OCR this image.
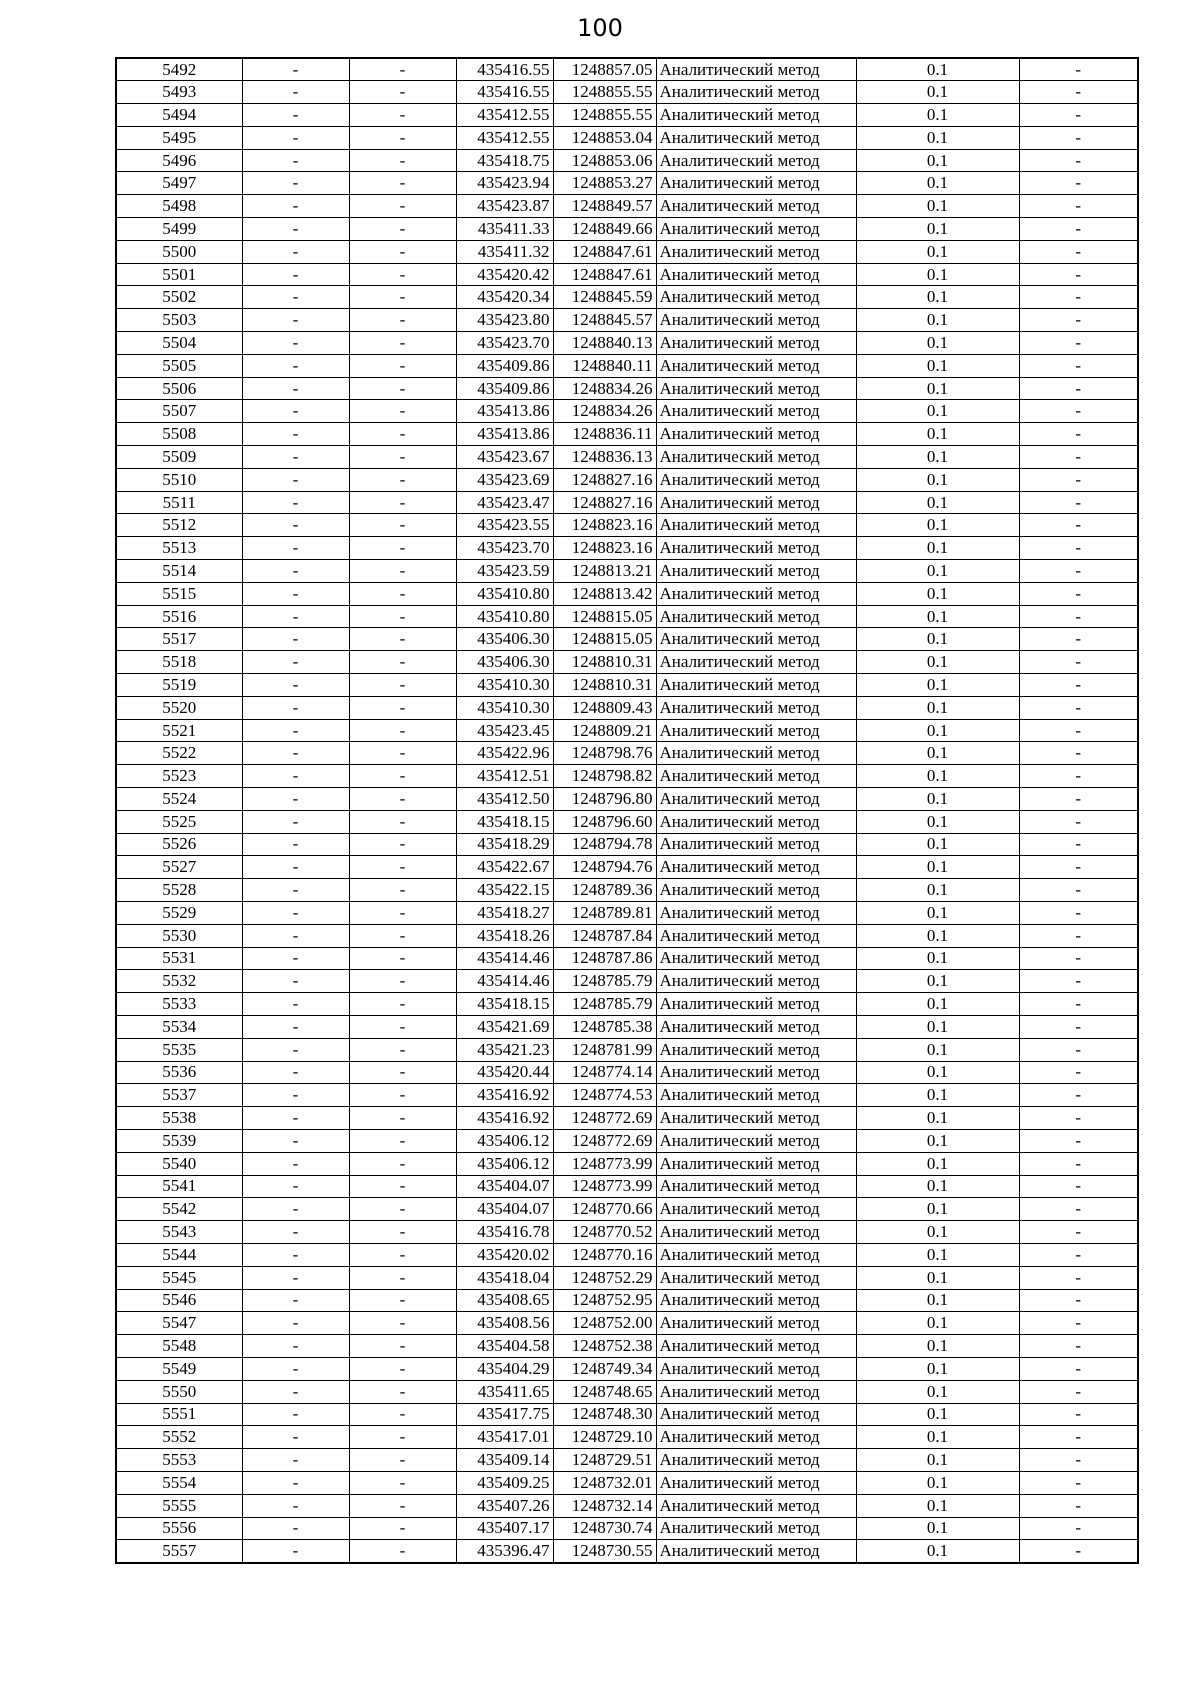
100
5492	-	-	435416.55	1248857.05	Аналитический метод	0.1	-
5493	-	-	435416.55	1248855.55	Аналитический метод	0.1	-
5494	-	-	435412.55	1248855.55	Аналитический метод	0.1	-
5495	-	-	435412.55	1248853.04	Аналитический метод	0.1	-
5496	-	-	435418.75	1248853.06	Аналитический метод	0.1	-
5497	-	-	435423.94	1248853.27	Аналитический метод	0.1	-
5498	-	-	435423.87	1248849.57	Аналитический метод	0.1	-
5499	-	-	435411.33	1248849.66	Аналитический метод	0.1	-
5500	-	-	435411.32	1248847.61	Аналитический метод	0.1	-
5501	-	-	435420.42	1248847.61	Аналитический метод	0.1	-
5502	-	-	435420.34	1248845.59	Аналитический метод	0.1	-
5503	-	-	435423.80	1248845.57	Аналитический метод	0.1	-
5504	-	-	435423.70	1248840.13	Аналитический метод	0.1	-
5505	-	-	435409.86	1248840.11	Аналитический метод	0.1	-
5506	-	-	435409.86	1248834.26	Аналитический метод	0.1	-
5507	-	-	435413.86	1248834.26	Аналитический метод	0.1	-
5508	-	-	435413.86	1248836.11	Аналитический метод	0.1	-
5509	-	-	435423.67	1248836.13	Аналитический метод	0.1	-
5510	-	-	435423.69	1248827.16	Аналитический метод	0.1	-
5511	-	-	435423.47	1248827.16	Аналитический метод	0.1	-
5512	-	-	435423.55	1248823.16	Аналитический метод	0.1	-
5513	-	-	435423.70	1248823.16	Аналитический метод	0.1	-
5514	-	-	435423.59	1248813.21	Аналитический метод	0.1	-
5515	-	-	435410.80	1248813.42	Аналитический метод	0.1	-
5516	-	-	435410.80	1248815.05	Аналитический метод	0.1	-
5517	-	-	435406.30	1248815.05	Аналитический метод	0.1	-
5518	-	-	435406.30	1248810.31	Аналитический метод	0.1	-
5519	-	-	435410.30	1248810.31	Аналитический метод	0.1	-
5520	-	-	435410.30	1248809.43	Аналитический метод	0.1	-
5521	-	-	435423.45	1248809.21	Аналитический метод	0.1	-
5522	-	-	435422.96	1248798.76	Аналитический метод	0.1	-
5523	-	-	435412.51	1248798.82	Аналитический метод	0.1	-
5524	-	-	435412.50	1248796.80	Аналитический метод	0.1	-
5525	-	-	435418.15	1248796.60	Аналитический метод	0.1	-
5526	-	-	435418.29	1248794.78	Аналитический метод	0.1	-
5527	-	-	435422.67	1248794.76	Аналитический метод	0.1	-
5528	-	-	435422.15	1248789.36	Аналитический метод	0.1	-
5529	-	-	435418.27	1248789.81	Аналитический метод	0.1	-
5530	-	-	435418.26	1248787.84	Аналитический метод	0.1	-
5531	-	-	435414.46	1248787.86	Аналитический метод	0.1	-
5532	-	-	435414.46	1248785.79	Аналитический метод	0.1	-
5533	-	-	435418.15	1248785.79	Аналитический метод	0.1	-
5534	-	-	435421.69	1248785.38	Аналитический метод	0.1	-
5535	-	-	435421.23	1248781.99	Аналитический метод	0.1	-
5536	-	-	435420.44	1248774.14	Аналитический метод	0.1	-
5537	-	-	435416.92	1248774.53	Аналитический метод	0.1	-
5538	-	-	435416.92	1248772.69	Аналитический метод	0.1	-
5539	-	-	435406.12	1248772.69	Аналитический метод	0.1	-
5540	-	-	435406.12	1248773.99	Аналитический метод	0.1	-
5541	-	-	435404.07	1248773.99	Аналитический метод	0.1	-
5542	-	-	435404.07	1248770.66	Аналитический метод	0.1	-
5543	-	-	435416.78	1248770.52	Аналитический метод	0.1	-
5544	-	-	435420.02	1248770.16	Аналитический метод	0.1	-
5545	-	-	435418.04	1248752.29	Аналитический метод	0.1	-
5546	-	-	435408.65	1248752.95	Аналитический метод	0.1	-
5547	-	-	435408.56	1248752.00	Аналитический метод	0.1	-
5548	-	-	435404.58	1248752.38	Аналитический метод	0.1	-
5549	-	-	435404.29	1248749.34	Аналитический метод	0.1	-
5550	-	-	435411.65	1248748.65	Аналитический метод	0.1	-
5551	-	-	435417.75	1248748.30	Аналитический метод	0.1	-
5552	-	-	435417.01	1248729.10	Аналитический метод	0.1	-
5553	-	-	435409.14	1248729.51	Аналитический метод	0.1	-
5554	-	-	435409.25	1248732.01	Аналитический метод	0.1	-
5555	-	-	435407.26	1248732.14	Аналитический метод	0.1	-
5556	-	-	435407.17	1248730.74	Аналитический метод	0.1	-
5557	-	-	435396.47	1248730.55	Аналитический метод	0.1	-
